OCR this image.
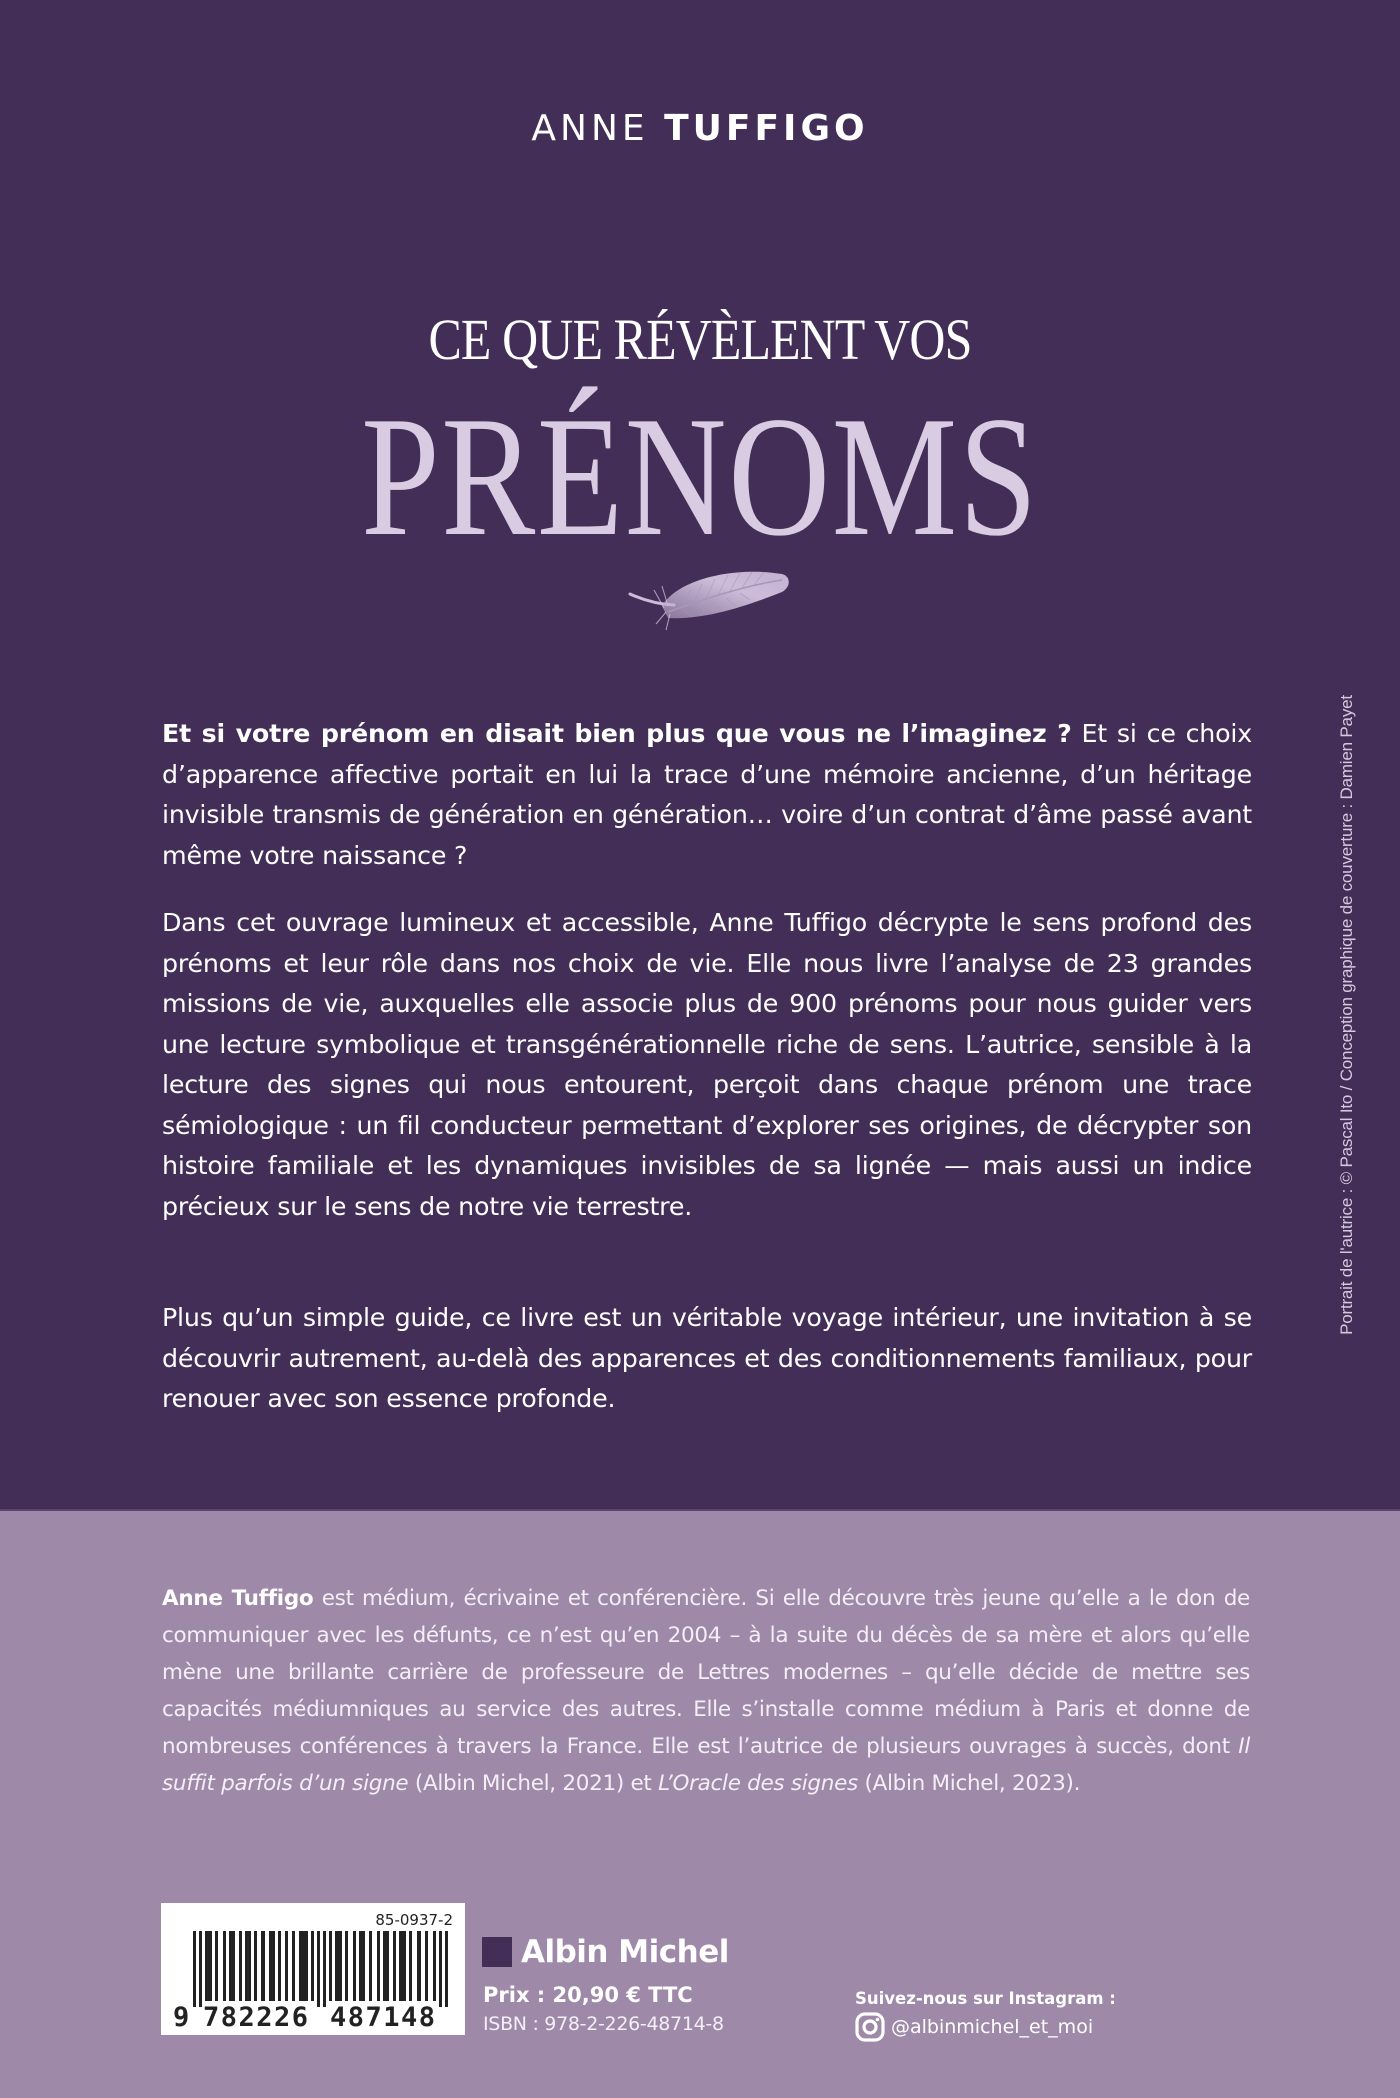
ANNE TUFFIGO
CE QUE RÉVÈLENT VOS
PRÉNOMS
Et si votre prénom en disait bien plus que vous ne l’imaginez ? Et si ce choix d’apparence affective portait en lui la trace d’une mémoire ancienne, d’un héritage invisible transmis de génération en génération… voire d’un contrat d’âme passé avant même votre naissance ?
Dans cet ouvrage lumineux et accessible, Anne Tuffigo décrypte le sens profond des prénoms et leur rôle dans nos choix de vie. Elle nous livre l’analyse de 23 grandes missions de vie, auxquelles elle associe plus de 900 prénoms pour nous guider vers une lecture symbolique et transgénérationnelle riche de sens. L’autrice, sensible à la lecture des signes qui nous entourent, perçoit dans chaque prénom une trace sémiologique : un fil conducteur permettant d’explorer ses origines, de décrypter son histoire familiale et les dynamiques invisibles de sa lignée — mais aussi un indice précieux sur le sens de notre vie terrestre.
Plus qu’un simple guide, ce livre est un véritable voyage intérieur, une invitation à se découvrir autrement, au-delà des apparences et des conditionnements familiaux, pour renouer avec son essence profonde.
Portrait de l'autrice : © Pascal Ito / Conception graphique de couverture : Damien Payet
Anne Tuffigo est médium, écrivaine et conférencière. Si elle découvre très jeune qu’elle a le don de communiquer avec les défunts, ce n’est qu’en 2004 – à la suite du décès de sa mère et alors qu’elle mène une brillante carrière de professeure de Lettres modernes – qu’elle décide de mettre ses capacités médiumniques au service des autres. Elle s’installe comme médium à Paris et donne de nombreuses conférences à travers la France. Elle est l’autrice de plusieurs ouvrages à succès, dont Il suffit parfois d’un signe (Albin Michel, 2021) et L’Oracle des signes (Albin Michel, 2023).
85-0937-2
9 782226 487148
Albin Michel
Prix : 20,90 € TTC
ISBN : 978-2-226-48714-8
Suivez-nous sur Instagram :
@albinmichel_et_moi
